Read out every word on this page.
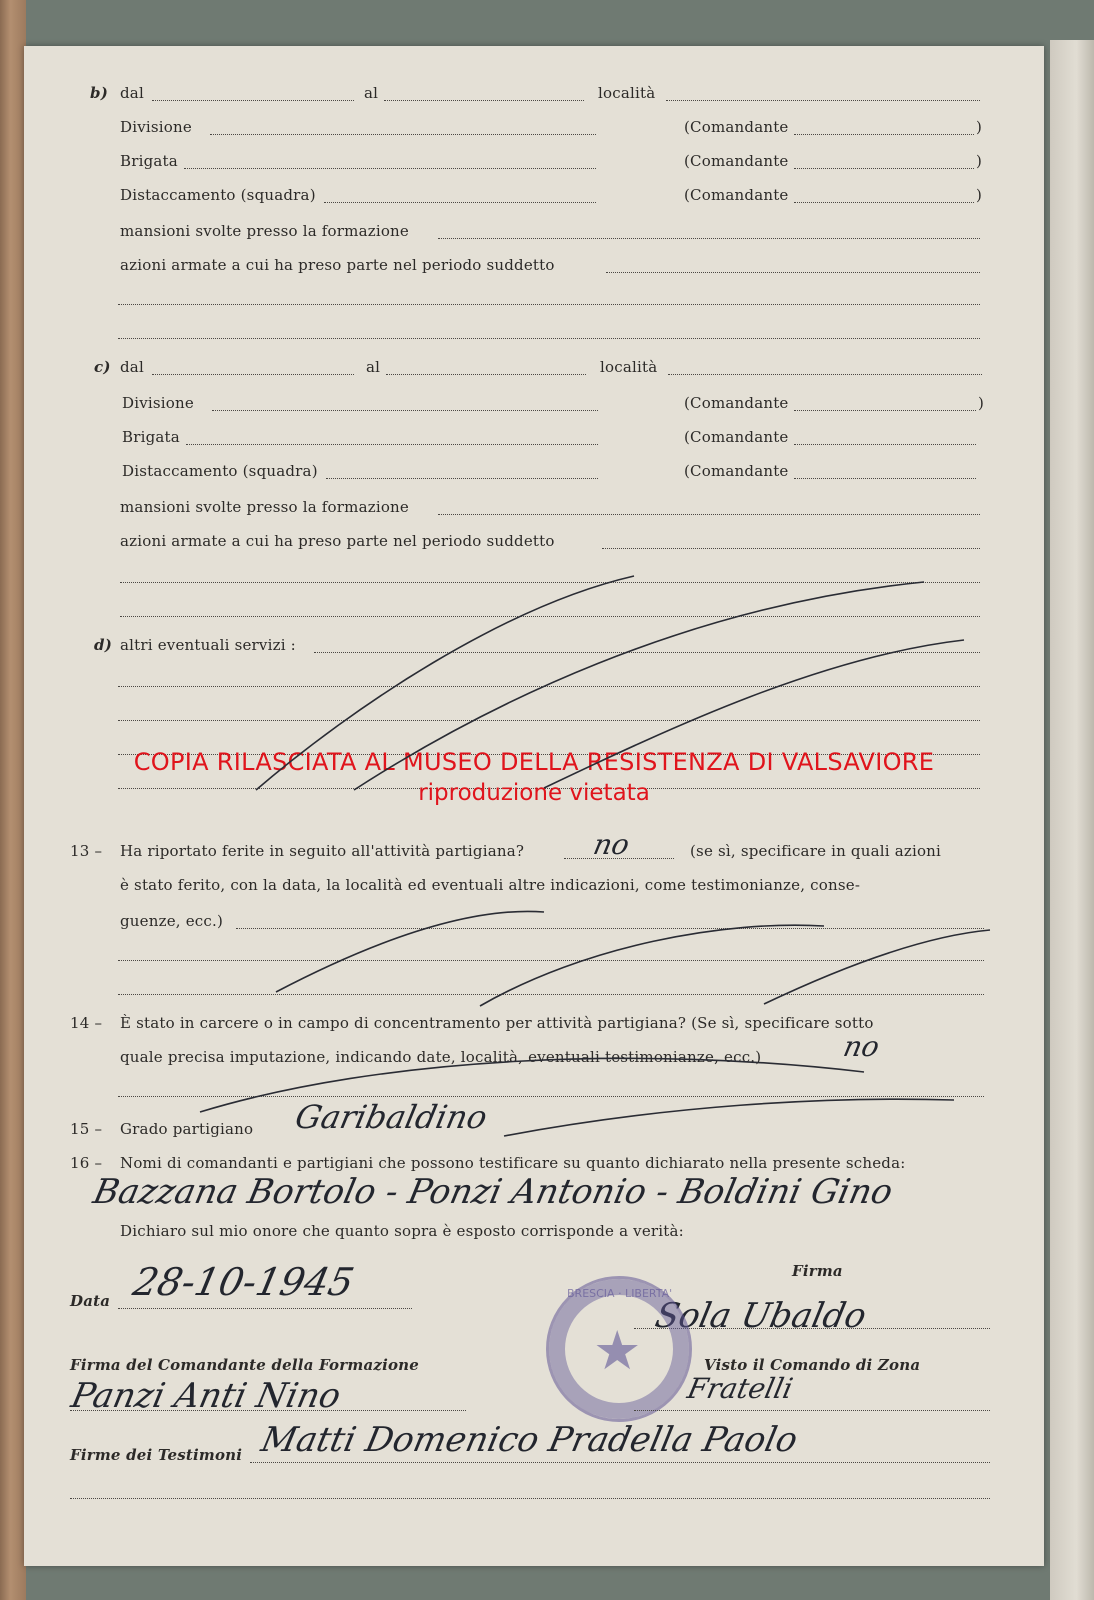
b) dal	al	località
Divisione	(Comandante	)
Brigata	(Comandante	)
Distaccamento (squadra)	(Comandante	)
mansioni svolte presso la formazione
azioni armate a cui ha preso parte nel periodo suddetto
c) dal	al	località
Divisione	(Comandante	)
Brigata	(Comandante
Distaccamento (squadra)	(Comandante
mansioni svolte presso la formazione
azioni armate a cui ha preso parte nel periodo suddetto
d) altri eventuali servizi :
COPIA RILASCIATA AL MUSEO DELLA RESISTENZA DI VALSAVIORE
riproduzione vietata
13 – Ha riportato ferite in seguito all'attività partigiana? no	(se sì, specificare in quali azioni
è stato ferito, con la data, la località ed eventuali altre indicazioni, come testimonianze, conse-
guenze, ecc.)
14 – È stato in carcere o in campo di concentramento per attività partigiana? (Se sì, specificare sotto
quale precisa imputazione, indicando date, località, eventuali testimonianze, ecc.)	no
15 – Grado partigiano Garibaldino
16 – Nomi di comandanti e partigiani che possono testificare su quanto dichiarato nella presente scheda:
Bazzana Bortolo - Ponzi Antonio - Boldini Gino
Dichiaro sul mio onore che quanto sopra è esposto corrisponde a verità:
Data 28-10-1945	Firma
Sola Ubaldo
★
BRESCIA · LIBERTA'
Firma del Comandante della Formazione	Visto il Comando di Zona
Panzi Anti Nino	Fratelli
Firme dei Testimoni Matti Domenico Pradella Paolo
